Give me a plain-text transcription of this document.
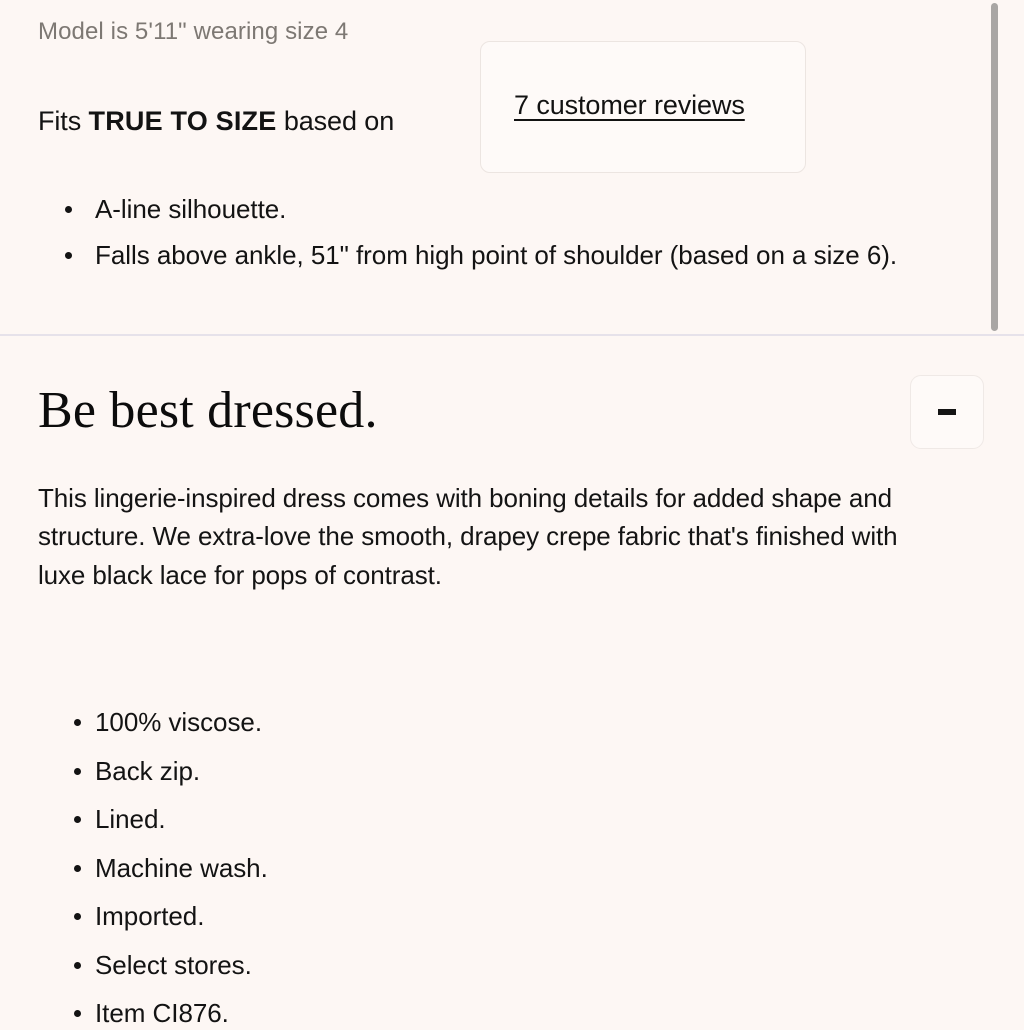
Model is 5'11" wearing size 4
Fits TRUE TO SIZE based on
7 customer reviews
A-line silhouette.
Falls above ankle, 51" from high point of shoulder (based on a size 6).
Be best dressed.

This lingerie-inspired dress comes with boning details for added shape and structure. We extra-love the smooth, drapey crepe fabric that's finished with luxe black lace for pops of contrast.

100% viscose.
Back zip.
Lined.
Machine wash.
Imported.
Select stores.
Item CI876.
